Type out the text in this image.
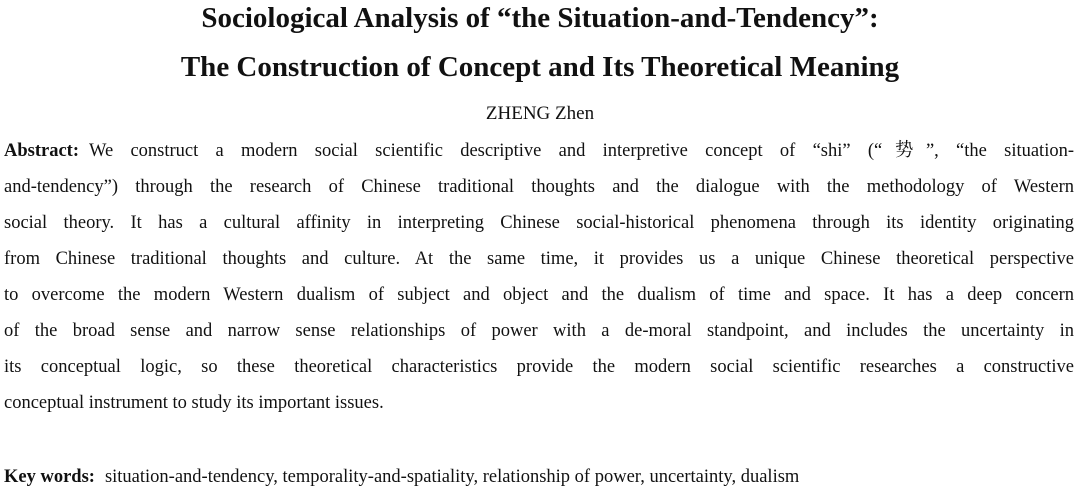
Sociological Analysis of “the Situation-and-Tendency”:
The Construction of Concept and Its Theoretical Meaning

ZHENG Zhen

Abstract: We construct a modern social scientific descriptive and interpretive concept of “shi” (“势”, “the situation-
and-tendency”) through the research of Chinese traditional thoughts and the dialogue with the methodology of Western
social theory. It has a cultural affinity in interpreting Chinese social-historical phenomena through its identity originating
from Chinese traditional thoughts and culture. At the same time, it provides us a unique Chinese theoretical perspective
to overcome the modern Western dualism of subject and object and the dualism of time and space. It has a deep concern
of the broad sense and narrow sense relationships of power with a de-moral standpoint, and includes the uncertainty in
its conceptual logic, so these theoretical characteristics provide the modern social scientific researches a constructive
conceptual instrument to study its important issues.

Key words: situation-and-tendency, temporality-and-spatiality, relationship of power, uncertainty, dualism
